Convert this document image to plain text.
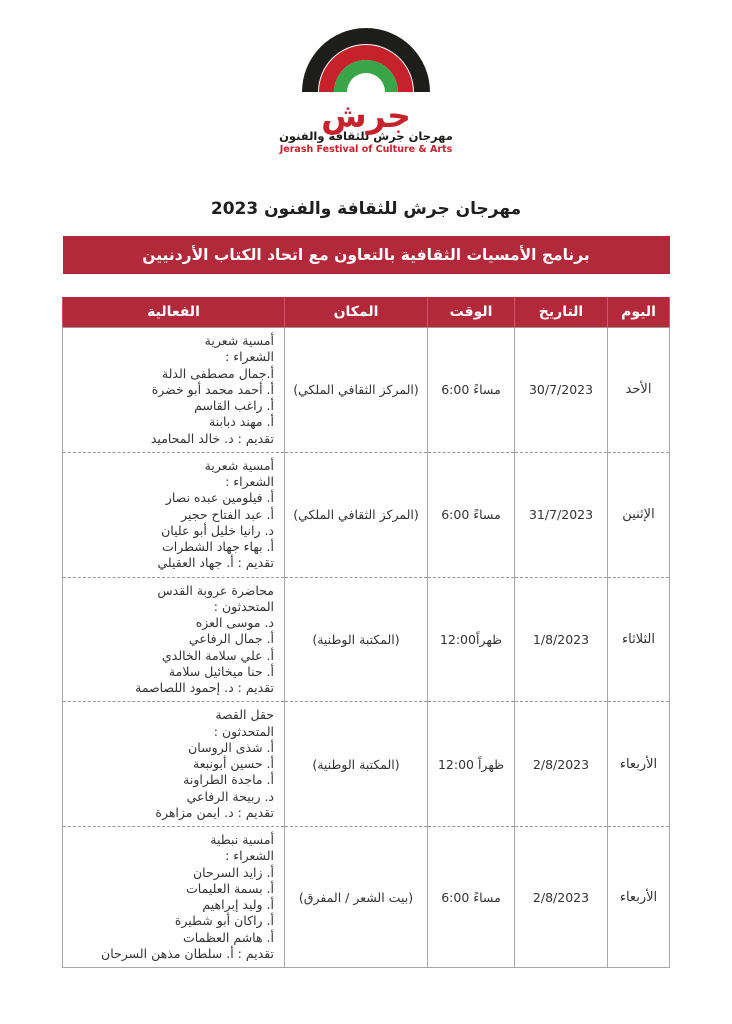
جرش
مهرجان جرش للثقافة والفنون
Jerash Festival of Culture & Arts
مهرجان جرش للثقافة والفنون 2023
برنامج الأمسيات الثقافية بالتعاون مع اتحاد الكتاب الأردنيين
اليوم	التاريخ	الوقت	المكان	الفعالية
الأحد	30/7/2023	6:00 مساءً	(المركز الثقافي الملكي)	
أمسية شعرية
الشعراء :
أ.جمال مصطفى الدلة
أ. أحمد محمد أبو خضرة
أ. راغب القاسم
أ. مهند دبابنة
تقديم : د. خالد المحاميد

الإثنين	31/7/2023	6:00 مساءً	(المركز الثقافي الملكي)	
أمسية شعرية
الشعراء :
أ. فيلومين عبده نصار
أ. عبد الفتاح حجير
د. رانيا خليل أبو عليان
أ. بهاء جهاد الشطرات
تقديم : أ. جهاد العقيلي

الثلاثاء	1/8/2023	12:00ظهراً	(المكتبة الوطنية)	
محاضرة عروبة القدس
المتحدثون :
د. موسى العزه
أ. جمال الرفاعي
أ. علي سلامة الخالدي
أ. حنا ميخائيل سلامة
تقديم : د. إحمود اللصاصمة

الأربعاء	2/8/2023	12:00 ظهراً	(المكتبة الوطنية)	
حقل القصة
المتحدثون :
أ. شذى الروسان
أ. حسين أبونبعة
أ. ماجدة الطراونة
د. ربيحة الرفاعي
تقديم : د. ايمن مزاهرة

الأربعاء	2/8/2023	6:00 مساءً	(بيت الشعر / المفرق)	
أمسية نبطية
الشعراء :
أ. زايد السرحان
أ. بسمة العليمات
أ. وليد إبراهيم
أ. راكان أبو شطيرة
أ. هاشم العظمات
تقديم : أ. سلطان مذهن السرحان
